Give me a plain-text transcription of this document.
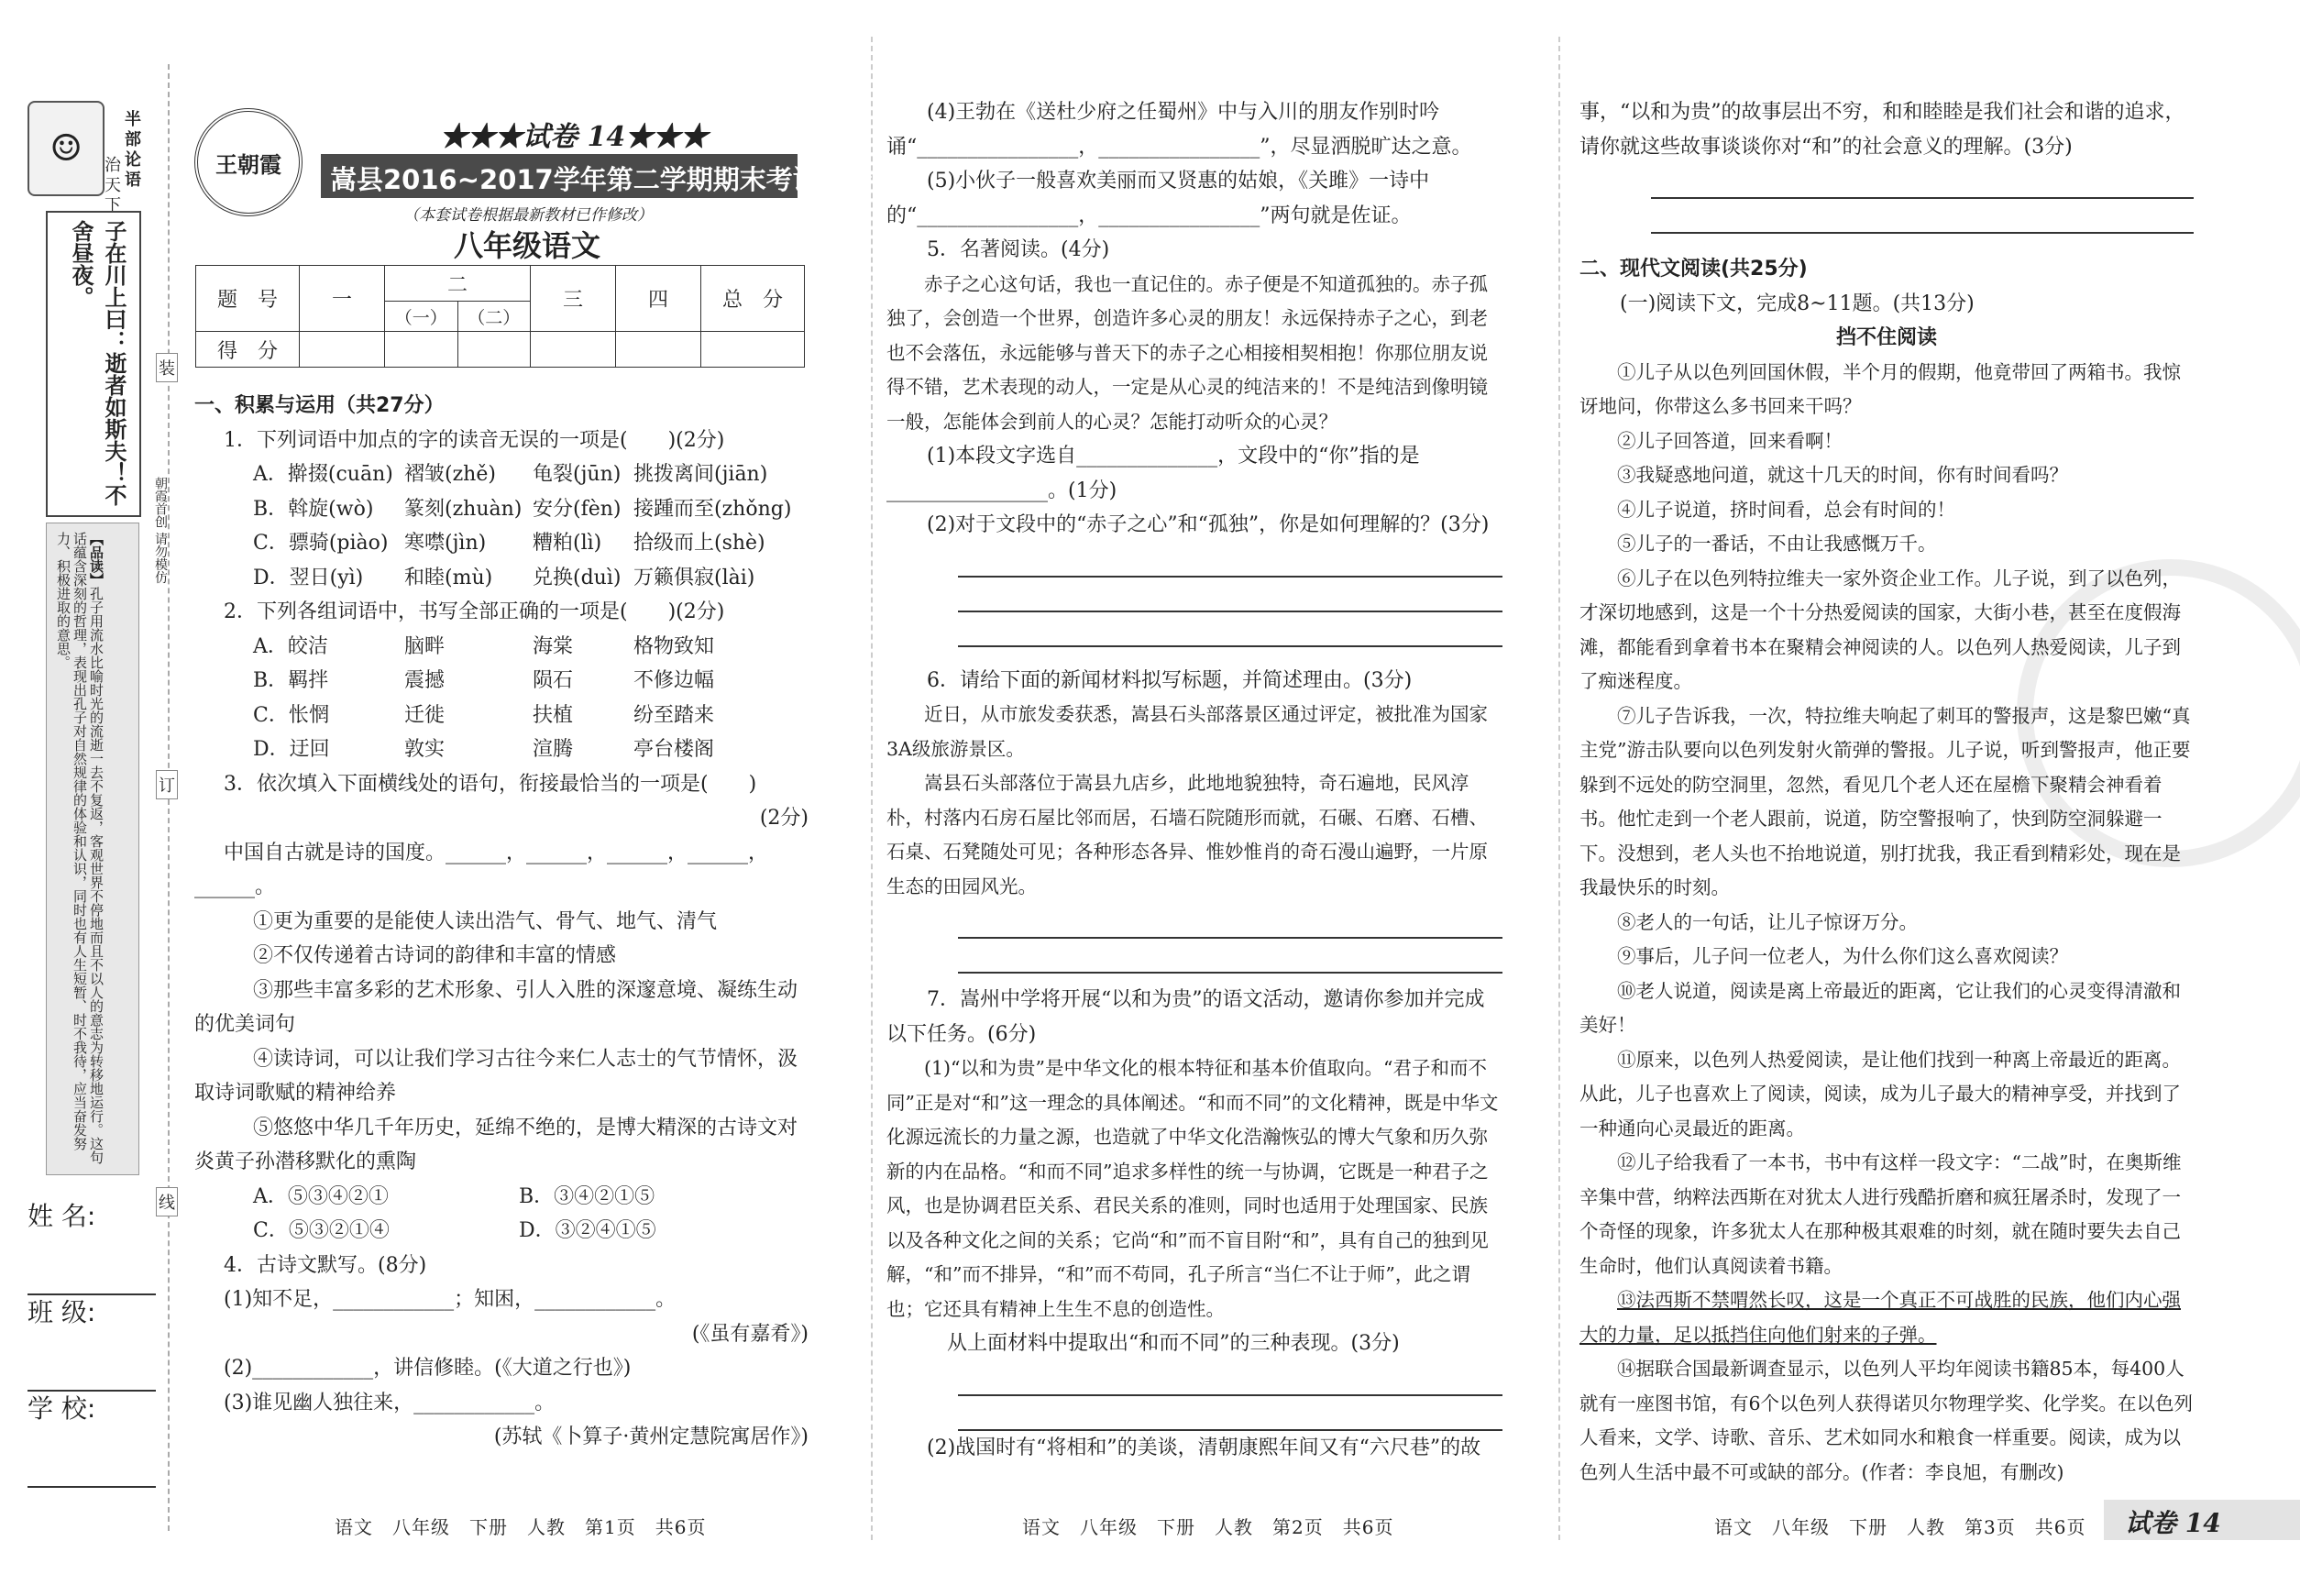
☺	半部论语
治天下
子在川上曰：逝者如斯夫！不舍昼夜。
【品读】孔子用流水比喻时光的流逝一去不复返，客观世界不停地而且不以人的意志为转移地运行。这句话蕴含深刻的哲理，表现出孔子对自然规律的体验和认识，同时也有人生短暂、时不我待，应当奋发努力、积极进取的意思。
姓 名:
班 级:
学 校:
装
订
线
朝霞首创 请勿模仿
王朝霞
★★★试卷 14★★★
嵩县2016~2017学年第二学期期末考试试卷
（本套试卷根据最新教材已作修改）
八年级语文
题　号	一	二		三	四	总　分
		（一）	（二）			
得　分						

一、积累与运用（共27分）

1．下列词语中加点的字的读音无误的一项是(　　)(2分)

A．擀掇(cuān) 褶皱(zhě)	龟裂(jūn) 挑拨离间(jiān)
B．斡旋(wò)	篆刻(zhuàn) 安分(fèn) 接踵而至(zhǒng)
C．骠骑(piào) 寒噤(jìn)	糟粕(lì)	拾级而上(shè)
D．翌日(yì)	和睦(mù)	兑换(duì) 万籁俱寂(lài)

2．下列各组词语中，书写全部正确的一项是(　　)(2分)

A．皎洁	脑畔	海棠	格物致知
B．羁拌	震撼	陨石	不修边幅
C．怅惘	迁徙	扶植	纷至踏来
D．迂回	敦实	渲腾	亭台楼阁

3．依次填入下面横线处的语句，衔接最恰当的一项是(　　)

(2分)

中国自古就是诗的国度。______，______，______，______，______。

①更为重要的是能使人读出浩气、骨气、地气、清气

②不仅传递着古诗词的韵律和丰富的情感

③那些丰富多彩的艺术形象、引人入胜的深邃意境、凝练生动的优美词句

④读诗词，可以让我们学习古往今来仁人志士的气节情怀，汲取诗词歌赋的精神给养

⑤悠悠中华几千年历史，延绵不绝的，是博大精深的古诗文对炎黄子孙潜移默化的熏陶

A．⑤③④②①	B．③④②①⑤
C．⑤③②①④	D．③②④①⑤

4．古诗文默写。(8分)

(1)知不足，____________；知困，____________。

(《虽有嘉肴》)

(2)____________，讲信修睦。(《大道之行也》)

(3)谁见幽人独往来，____________。

(苏轼《卜算子·黄州定慧院寓居作》)

(4)王勃在《送杜少府之任蜀州》中与入川的朋友作别时吟诵“________________，________________”，尽显洒脱旷达之意。

(5)小伙子一般喜欢美丽而又贤惠的姑娘，《关雎》一诗中的“________________，________________”两句就是佐证。

5．名著阅读。(4分)

赤子之心这句话，我也一直记住的。赤子便是不知道孤独的。赤子孤独了，会创造一个世界，创造许多心灵的朋友！永远保持赤子之心，到老也不会落伍，永远能够与普天下的赤子之心相接相契相抱！你那位朋友说得不错，艺术表现的动人，一定是从心灵的纯洁来的！不是纯洁到像明镜一般，怎能体会到前人的心灵？怎能打动听众的心灵？

(1)本段文字选自______________，文段中的“你”指的是________________。(1分)

(2)对于文段中的“赤子之心”和“孤独”，你是如何理解的？(3分)

6．请给下面的新闻材料拟写标题，并简述理由。(3分)

近日，从市旅发委获悉，嵩县石头部落景区通过评定，被批准为国家3A级旅游景区。

嵩县石头部落位于嵩县九店乡，此地地貌独特，奇石遍地，民风淳朴，村落内石房石屋比邻而居，石墙石院随形而就，石碾、石磨、石槽、石桌、石凳随处可见；各种形态各异、惟妙惟肖的奇石漫山遍野，一片原生态的田园风光。

7．嵩州中学将开展“以和为贵”的语文活动，邀请你参加并完成以下任务。(6分)

(1)“以和为贵”是中华文化的根本特征和基本价值取向。“君子和而不同”正是对“和”这一理念的具体阐述。“和而不同”的文化精神，既是中华文化源远流长的力量之源，也造就了中华文化浩瀚恢弘的博大气象和历久弥新的内在品格。“和而不同”追求多样性的统一与协调，它既是一种君子之风，也是协调君臣关系、君民关系的准则，同时也适用于处理国家、民族以及各种文化之间的关系；它尚“和”而不盲目附“和”，具有自己的独到见解，“和”而不排异，“和”而不苟同，孔子所言“当仁不让于师”，此之谓也；它还具有精神上生生不息的创造性。

从上面材料中提取出“和而不同”的三种表现。(3分)

(2)战国时有“将相和”的美谈，清朝康熙年间又有“六尺巷”的故

事，“以和为贵”的故事层出不穷，和和睦睦是我们社会和谐的追求，请你就这些故事谈谈你对“和”的社会意义的理解。(3分)

二、现代文阅读(共25分)

(一)阅读下文，完成8~11题。(共13分)

挡不住阅读

①儿子从以色列回国休假，半个月的假期，他竟带回了两箱书。我惊讶地问，你带这么多书回来干吗？

②儿子回答道，回来看啊！

③我疑惑地问道，就这十几天的时间，你有时间看吗？

④儿子说道，挤时间看，总会有时间的！

⑤儿子的一番话，不由让我感慨万千。

⑥儿子在以色列特拉维夫一家外资企业工作。儿子说，到了以色列，才深切地感到，这是一个十分热爱阅读的国家，大街小巷，甚至在度假海滩，都能看到拿着书本在聚精会神阅读的人。以色列人热爱阅读，儿子到了痴迷程度。

⑦儿子告诉我，一次，特拉维夫响起了刺耳的警报声，这是黎巴嫩“真主党”游击队要向以色列发射火箭弹的警报。儿子说，听到警报声，他正要躲到不远处的防空洞里，忽然，看见几个老人还在屋檐下聚精会神看着书。他忙走到一个老人跟前，说道，防空警报响了，快到防空洞躲避一下。没想到，老人头也不抬地说道，别打扰我，我正看到精彩处，现在是我最快乐的时刻。

⑧老人的一句话，让儿子惊讶万分。

⑨事后，儿子问一位老人，为什么你们这么喜欢阅读？

⑩老人说道，阅读是离上帝最近的距离，它让我们的心灵变得清澈和美好！

⑪原来，以色列人热爱阅读，是让他们找到一种离上帝最近的距离。从此，儿子也喜欢上了阅读，阅读，成为儿子最大的精神享受，并找到了一种通向心灵最近的距离。

⑫儿子给我看了一本书，书中有这样一段文字：“二战”时，在奥斯维辛集中营，纳粹法西斯在对犹太人进行残酷折磨和疯狂屠杀时，发现了一个奇怪的现象，许多犹太人在那种极其艰难的时刻，就在随时要失去自己生命时，他们认真阅读着书籍。

⑬法西斯不禁喟然长叹，这是一个真正不可战胜的民族，他们内心强大的力量，足以抵挡住向他们射来的子弹。

⑭据联合国最新调查显示，以色列人平均年阅读书籍85本，每400人就有一座图书馆，有6个以色列人获得诺贝尔物理学奖、化学奖。在以色列人看来，文学、诗歌、音乐、艺术如同水和粮食一样重要。阅读，成为以色列人生活中最不可或缺的部分。(作者：李良旭，有删改)

语文　八年级　下册　人教　第1页　共6页	语文　八年级　下册　人教　第2页　共6页	语文　八年级　下册　人教　第3页　共6页 试卷 14
